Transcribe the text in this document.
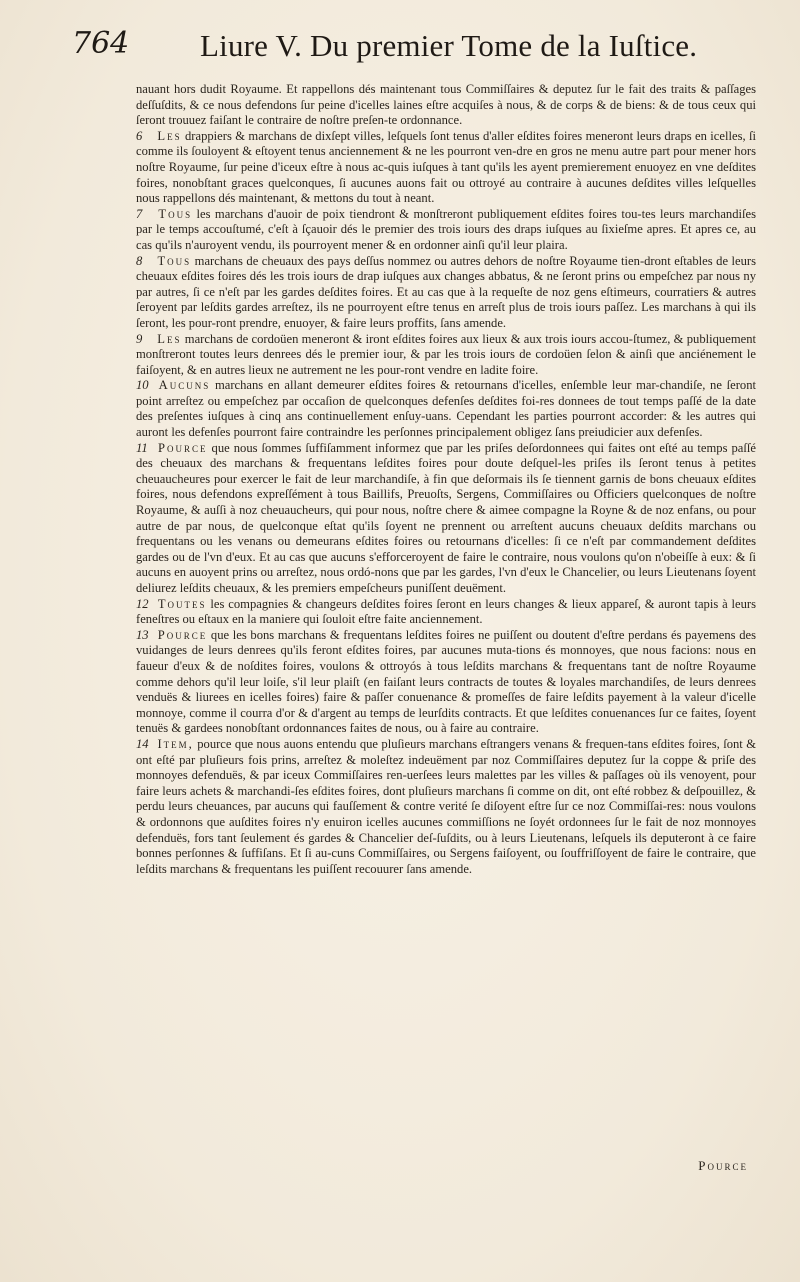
764 Liure V. Du premier Tome de la Iuſtice.

nauant hors dudit Royaume. Et rappellons dés maintenant tous Commiſſaires & deputez ſur le fait des traits & paſſages deſſuſdits, & ce nous defendons ſur peine d'icelles laines eſtre acquiſes à nous, & de corps & de biens: & de tous ceux qui ſeront trouuez faiſant le contraire de noſtre preſen-te ordonnance.

6 Les drappiers & marchans de dixſept villes, leſquels ſont tenus d'aller eſdites foires meneront leurs draps en icelles, ſi comme ils ſouloyent & eſtoyent tenus anciennement & ne les pourront ven-dre en gros ne menu autre part pour mener hors noſtre Royaume, ſur peine d'iceux eſtre à nous ac-quis iuſques à tant qu'ils les ayent premierement enuoyez en vne deſdites foires, nonobſtant graces quelconques, ſi aucunes auons fait ou ottroyé au contraire à aucunes deſdites villes leſquelles nous rappellons dés maintenant, & mettons du tout à neant.

7 Tous les marchans d'auoir de poix tiendront & monſtreront publiquement eſdites foires tou-tes leurs marchandiſes par le temps accouſtumé, c'eſt à ſçauoir dés le premier des trois iours des draps iuſques au ſixieſme apres. Et apres ce, au cas qu'ils n'auroyent vendu, ils pourroyent mener & en ordonner ainſi qu'il leur plaira.

8 Tous marchans de cheuaux des pays deſſus nommez ou autres dehors de noſtre Royaume tien-dront eſtables de leurs cheuaux eſdites foires dés les trois iours de drap iuſques aux changes abbatus, & ne ſeront prins ou empeſchez par nous ny par autres, ſi ce n'eſt par les gardes deſdites foires. Et au cas que à la requeſte de noz gens eſtimeurs, courratiers & autres ſeroyent par leſdits gardes arreſtez, ils ne pourroyent eſtre tenus en arreſt plus de trois iours paſſez. Les marchans à qui ils ſeront, les pour-ront prendre, enuoyer, & faire leurs proffits, ſans amende.

9 Les marchans de cordoüen meneront & iront eſdites foires aux lieux & aux trois iours accou-ſtumez, & publiquement monſtreront toutes leurs denrees dés le premier iour, & par les trois iours de cordoüen ſelon & ainſi que anciénement le faiſoyent, & en autres lieux ne autrement ne les pour-ront vendre en ladite foire.

10 Aucuns marchans en allant demeurer eſdites foires & retournans d'icelles, enſemble leur mar-chandiſe, ne ſeront point arreſtez ou empeſchez par occaſion de quelconques defenſes deſdites foi-res donnees de tout temps paſſé de la date des preſentes iuſques à cinq ans continuellement enſuy-uans. Cependant les parties pourront accorder: & les autres qui auront les defenſes pourront faire contraindre les perſonnes principalement obligez ſans preiudicier aux defenſes.

11 Pource que nous ſommes ſuffiſamment informez que par les priſes deſordonnees qui faites ont eſté au temps paſſé des cheuaux des marchans & frequentans leſdites foires pour doute deſquel-les priſes ils ſeront tenus à petites cheuaucheures pour exercer le fait de leur marchandiſe, à fin que deſormais ils ſe tiennent garnis de bons cheuaux eſdites foires, nous defendons expreſſément à tous Baillifs, Preuoſts, Sergens, Commiſſaires ou Officiers quelconques de noſtre Royaume, & auſſi à noz cheuaucheurs, qui pour nous, noſtre chere & aimee compagne la Royne & de noz enfans, ou pour autre de par nous, de quelconque eſtat qu'ils ſoyent ne prennent ou arreſtent aucuns cheuaux deſdits marchans ou frequentans ou les venans ou demeurans eſdites foires ou retournans d'icelles: ſi ce n'eſt par commandement deſdites gardes ou de l'vn d'eux. Et au cas que aucuns s'efforceroyent de faire le contraire, nous voulons qu'on n'obeiſſe à eux: & ſi aucuns en auoyent prins ou arreſtez, nous ordó-nons que par les gardes, l'vn d'eux le Chancelier, ou leurs Lieutenans ſoyent deliurez leſdits cheuaux, & les premiers empeſcheurs puniſſent deuëment.

12 Toutes les compagnies & changeurs deſdites foires ſeront en leurs changes & lieux appareſ, & auront tapis à leurs feneſtres ou eſtaux en la maniere qui ſouloit eſtre faite anciennement.

13 Pource que les bons marchans & frequentans leſdites foires ne puiſſent ou doutent d'eſtre perdans és payemens des vuidanges de leurs denrees qu'ils feront eſdites foires, par aucunes muta-tions és monnoyes, que nous facions: nous en faueur d'eux & de noſdites foires, voulons & ottroyós à tous leſdits marchans & frequentans tant de noſtre Royaume comme dehors qu'il leur loiſe, s'il leur plaiſt (en faiſant leurs contracts de toutes & loyales marchandiſes, de leurs denrees venduës & liurees en icelles foires) faire & paſſer conuenance & promeſſes de faire leſdits payement à la valeur d'icelle monnoye, comme il courra d'or & d'argent au temps de leurſdits contracts. Et que leſdites conuenances ſur ce faites, ſoyent tenuës & gardees nonobſtant ordonnances faites de nous, ou à faire au contraire.

14 Item, pource que nous auons entendu que pluſieurs marchans eſtrangers venans & frequen-tans eſdites foires, ſont & ont eſté par pluſieurs fois prins, arreſtez & moleſtez indeuëment par noz Commiſſaires deputez ſur la coppe & priſe des monnoyes defenduës, & par iceux Commiſſaires ren-uerſees leurs malettes par les villes & paſſages où ils venoyent, pour faire leurs achets & marchandi-ſes eſdites foires, dont pluſieurs marchans ſi comme on dit, ont eſté robbez & deſpouillez, & perdu leurs cheuances, par aucuns qui fauſſement & contre verité ſe diſoyent eſtre ſur ce noz Commiſſai-res: nous voulons & ordonnons que auſdites foires n'y enuiron icelles aucunes commiſſions ne ſoyét ordonnees ſur le fait de noz monnoyes defenduës, fors tant ſeulement és gardes & Chancelier deſ-ſuſdits, ou à leurs Lieutenans, leſquels ils deputeront à ce faire bonnes perſonnes & ſuffiſans. Et ſi au-cuns Commiſſaires, ou Sergens faiſoyent, ou ſouffriſſoyent de faire le contraire, que leſdits marchans & frequentans les puiſſent recouurer ſans amende.

Pource
